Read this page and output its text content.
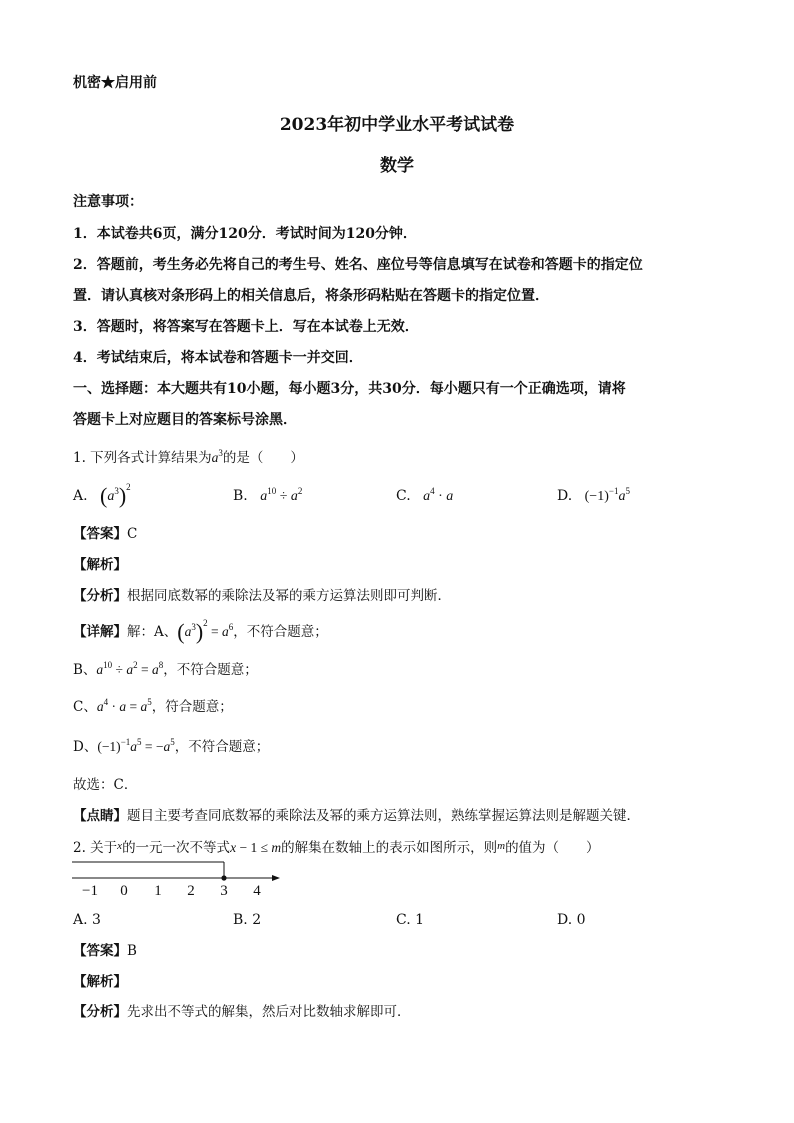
机密★启用前
2023年初中学业水平考试试卷
数学
注意事项：
1．本试卷共6页，满分120分．考试时间为120分钟．
2．答题前，考生务必先将自己的考生号、姓名、座位号等信息填写在试卷和答题卡的指定位
置．请认真核对条形码上的相关信息后，将条形码粘贴在答题卡的指定位置．
3．答题时，将答案写在答题卡上．写在本试卷上无效．
4．考试结束后，将本试卷和答题卡一并交回．
一、选择题：本大题共有10小题，每小题3分，共30分．每小题只有一个正确选项，请将
答题卡上对应题目的答案标号涂黑．
1. 下列各式计算结果为$a^3$的是（　　）
A. $(a^3)^2$
B. $a^{10} \div a^2$	C. $a^4 \cdot a$	D. $(-1)^{-1}a^5$
【答案】C
【解析】
【分析】根据同底数幂的乘除法及幂的乘方运算法则即可判断．
【详解】解：A、$(a^3)^2 = a^6$，不符合题意；
B、$a^{10} \div a^2 = a^8$，不符合题意；
C、$a^4 \cdot a = a^5$，符合题意；
D、$(-1)^{-1}a^5 = -a^5$，不符合题意；
故选：C．
【点睛】题目主要考查同底数幂的乘除法及幂的乘方运算法则，熟练掌握运算法则是解题关键．
2. 关于$^x$的一元一次不等式x − 1 ≤ m的解集在数轴上的表示如图所示，则$^m$的值为（　　）
−1 0 1 2 3 4
A. 3	B. 2	C. 1	D. 0
【答案】B
【解析】
【分析】先求出不等式的解集，然后对比数轴求解即可．
